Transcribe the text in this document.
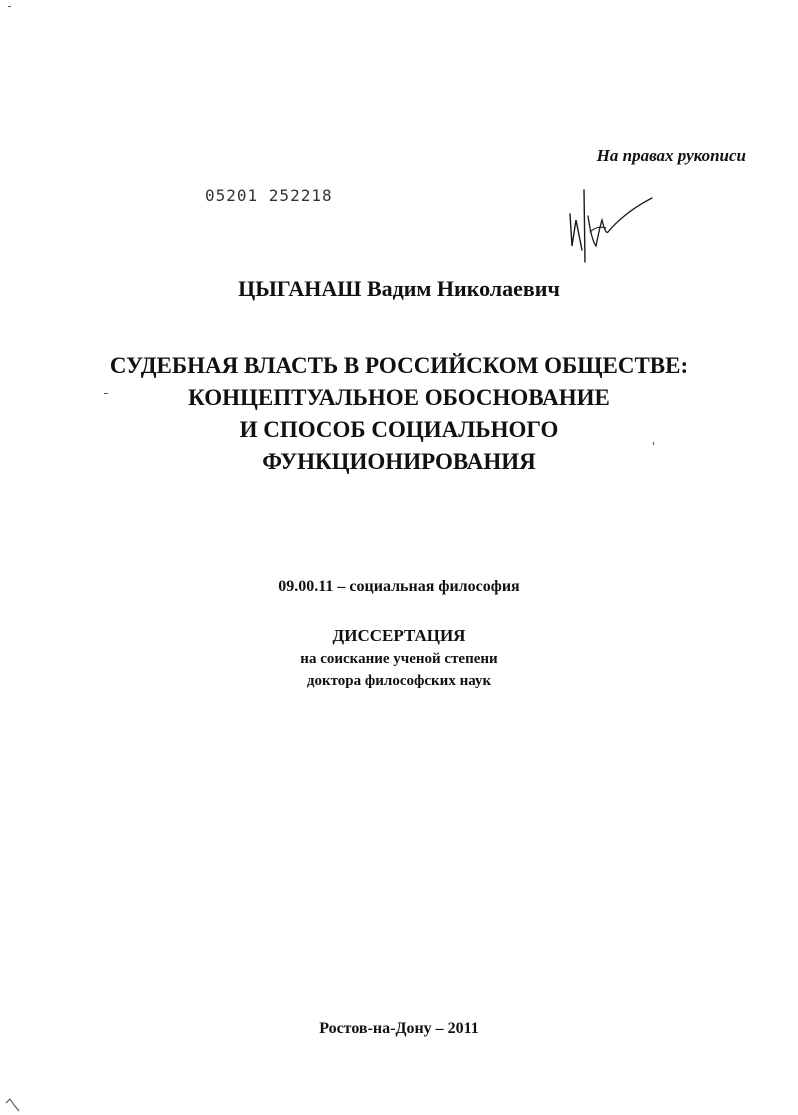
На правах рукописи
05201 252218
ЦЫГАНАШ Вадим Николаевич
СУДЕБНАЯ ВЛАСТЬ В РОССИЙСКОМ ОБЩЕСТВЕ:
КОНЦЕПТУАЛЬНОЕ ОБОСНОВАНИЕ
И СПОСОБ СОЦИАЛЬНОГО
ФУНКЦИОНИРОВАНИЯ
09.00.11 – социальная философия
ДИССЕРТАЦИЯ
на соискание ученой степени
доктора философских наук
Ростов-на-Дону – 2011
